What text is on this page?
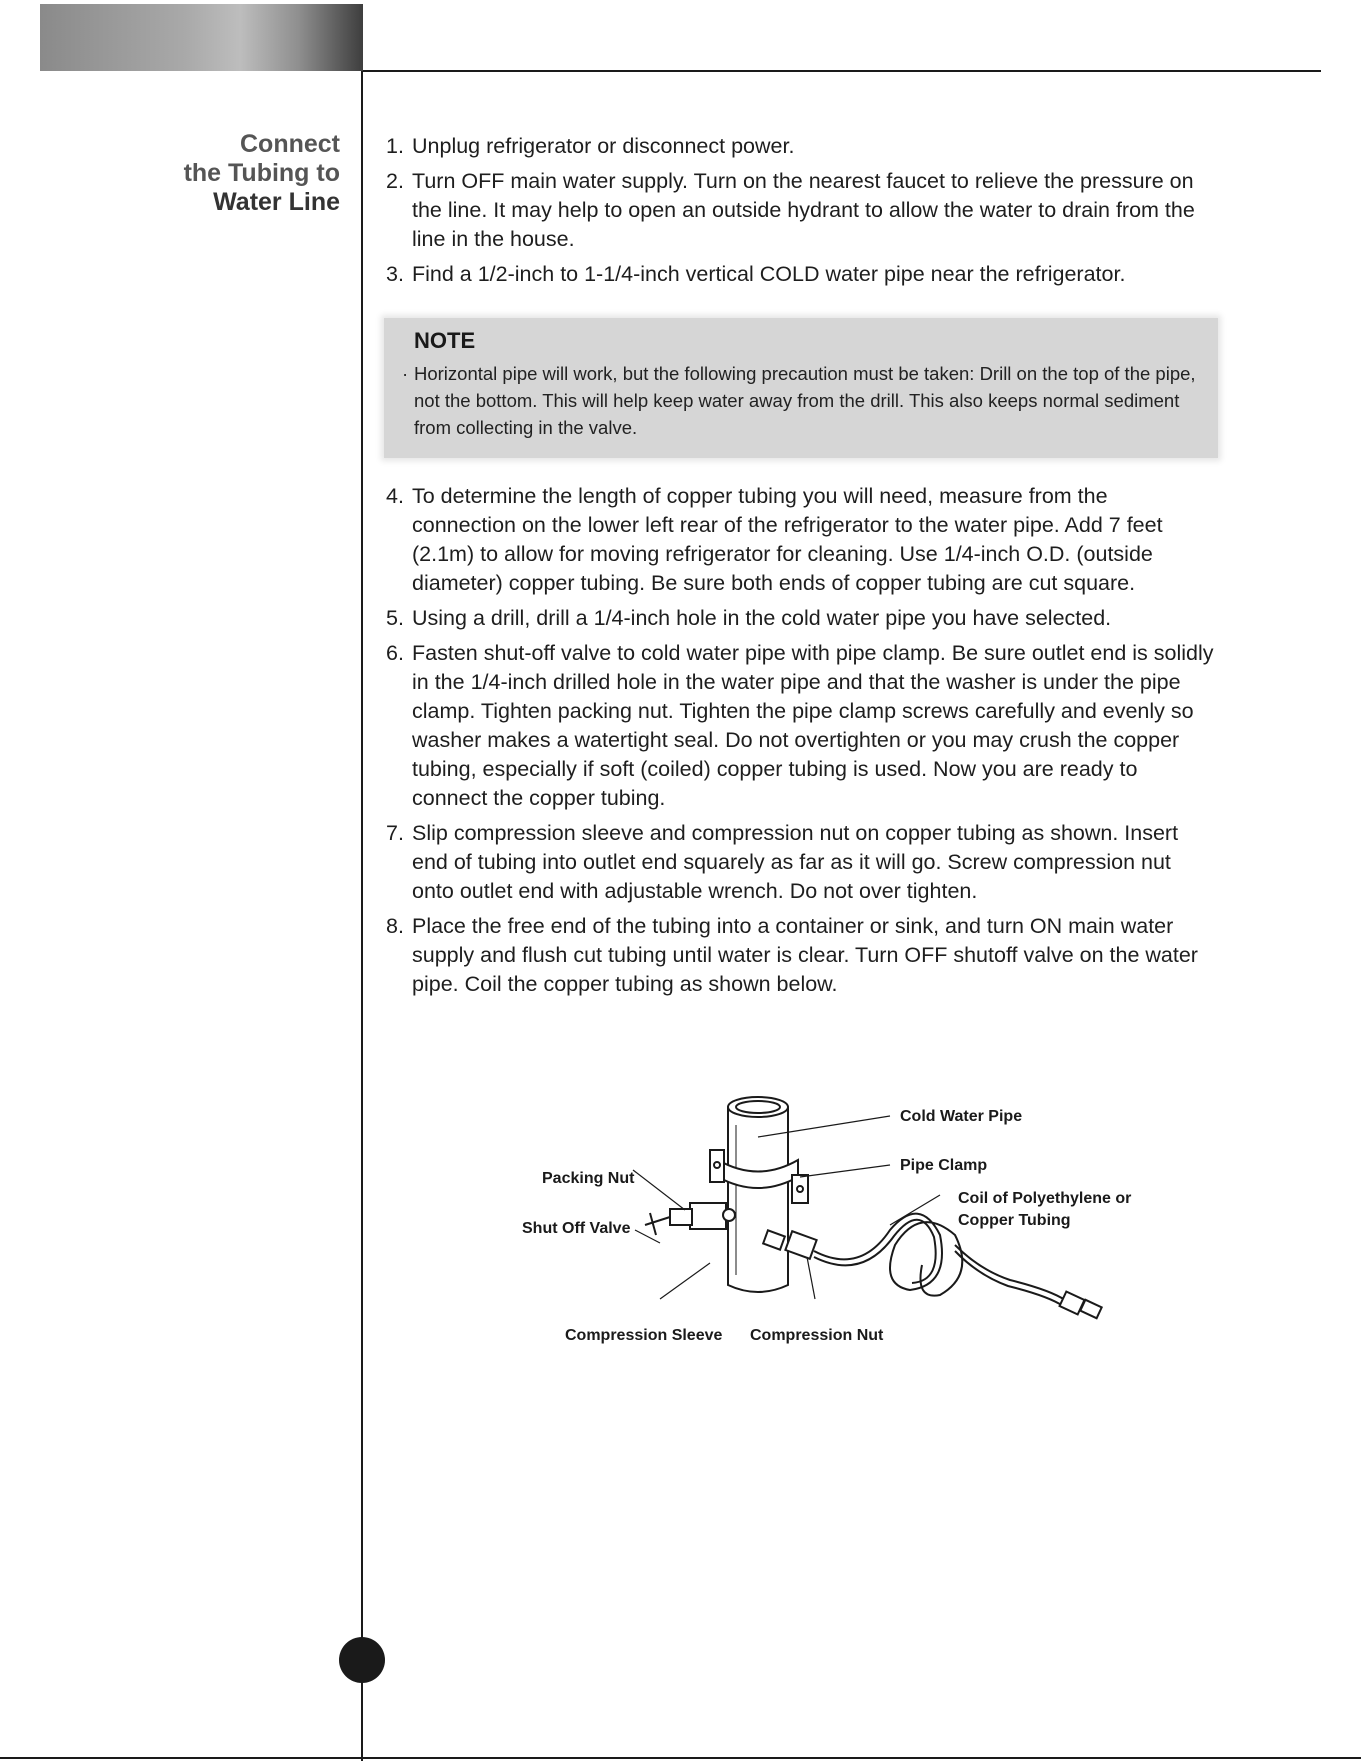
Connect
the Tubing to
Water Line
1. Unplug refrigerator or disconnect power.
2. Turn OFF main water supply. Turn on the nearest faucet to relieve the pressure on the line. It may help to open an outside hydrant to allow the water to drain from the line in the house.
3. Find a 1/2-inch to 1-1/4-inch vertical COLD water pipe near the refrigerator.
NOTE
· Horizontal pipe will work, but the following precaution must be taken: Drill on the top of the pipe, not the bottom. This will help keep water away from the drill. This also keeps normal sediment from collecting in the valve.
4. To determine the length of copper tubing you will need, measure from the connection on the lower left rear of the refrigerator to the water pipe. Add 7 feet (2.1m) to allow for moving refrigerator for cleaning. Use 1/4-inch O.D. (outside diameter) copper tubing. Be sure both ends of copper tubing are cut square.
5. Using a drill, drill a 1/4-inch hole in the cold water pipe you have selected.
6. Fasten shut-off valve to cold water pipe with pipe clamp. Be sure outlet end is solidly in the 1/4-inch drilled hole in the water pipe and that the washer is under the pipe clamp. Tighten packing nut. Tighten the pipe clamp screws carefully and evenly so washer makes a watertight seal. Do not overtighten or you may crush the copper tubing, especially if soft (coiled) copper tubing is used. Now you are ready to connect the copper tubing.
7. Slip compression sleeve and compression nut on copper tubing as shown. Insert end of tubing into outlet end squarely as far as it will go. Screw compression nut onto outlet end with adjustable wrench. Do not over tighten.
8. Place the free end of the tubing into a container or sink, and turn ON main water supply and flush cut tubing until water is clear. Turn OFF shutoff valve on the water pipe. Coil the copper tubing as shown below.
Cold Water Pipe
Pipe Clamp
Coil of Polyethylene or
Copper Tubing
Packing Nut
Shut Off Valve
Compression Sleeve Compression Nut
